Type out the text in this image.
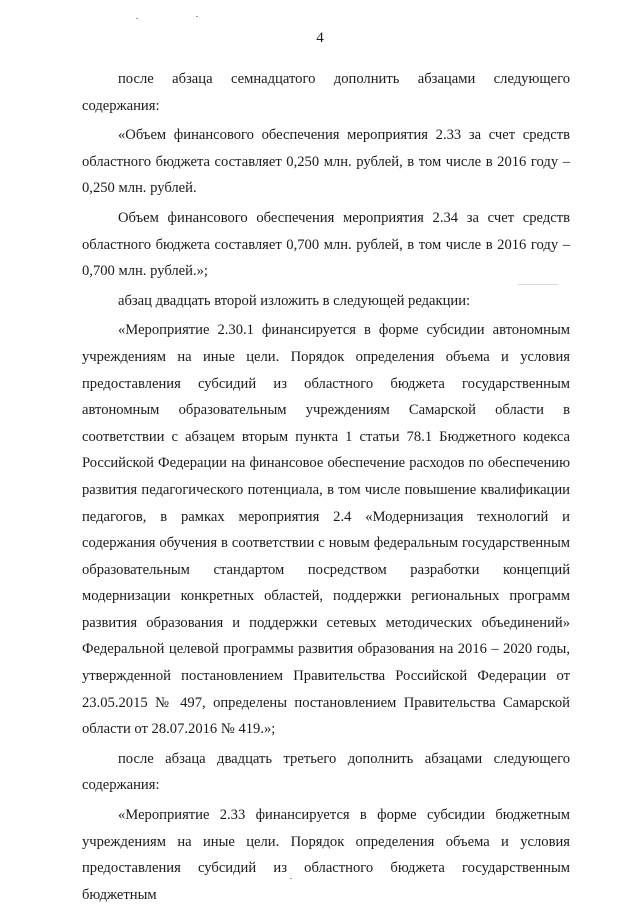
4

после абзаца семнадцатого дополнить абзацами следующего содержания:

«Объем финансового обеспечения мероприятия 2.33 за счет средств областного бюджета составляет 0,250 млн. рублей, в том числе в 2016 году – 0,250 млн. рублей.

Объем финансового обеспечения мероприятия 2.34 за счет средств областного бюджета составляет 0,700 млн. рублей, в том числе в 2016 году – 0,700 млн. рублей.»;

абзац двадцать второй изложить в следующей редакции:

«Мероприятие 2.30.1 финансируется в форме субсидии автономным учреждениям на иные цели. Порядок определения объема и условия предоставления субсидий из областного бюджета государственным автономным образовательным учреждениям Самарской области в соответствии с абзацем вторым пункта 1 статьи 78.1 Бюджетного кодекса Российской Федерации на финансовое обеспечение расходов по обеспечению развития педагогического потенциала, в том числе повышение квалификации педагогов, в рамках мероприятия 2.4 «Модернизация технологий и содержания обучения в соответствии с новым федеральным государственным образовательным стандартом посредством разработки концепций модернизации конкретных областей, поддержки региональных программ развития образования и поддержки сетевых методических объединений» Федеральной целевой программы развития образования на 2016 – 2020 годы, утвержденной постановлением Правительства Российской Федерации от 23.05.2015 № 497, определены постановлением Правительства Самарской области от 28.07.2016 № 419.»;

после абзаца двадцать третьего дополнить абзацами следующего содержания:

«Мероприятие 2.33 финансируется в форме субсидии бюджетным учреждениям на иные цели. Порядок определения объема и условия предоставления субсидий из областного бюджета государственным бюджетным
